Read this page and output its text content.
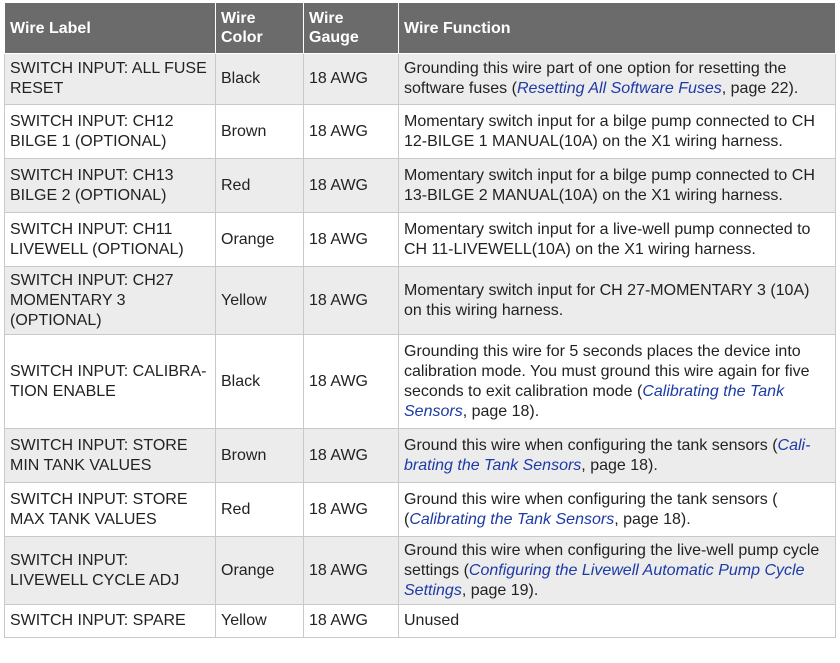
Wire Label	Wire Color	Wire Gauge	Wire Function
SWITCH INPUT: ALL FUSE RESET	Black	18 AWG	Grounding this wire part of one option for resetting the software fuses (Resetting All Software Fuses, page 22).
SWITCH INPUT: CH12 BILGE 1 (OPTIONAL)	Brown	18 AWG	Momentary switch input for a bilge pump connected to CH 12-BILGE 1 MANUAL(10A) on the X1 wiring harness.
SWITCH INPUT: CH13 BILGE 2 (OPTIONAL)	Red	18 AWG	Momentary switch input for a bilge pump connected to CH 13-BILGE 2 MANUAL(10A) on the X1 wiring harness.
SWITCH INPUT: CH11 LIVEWELL (OPTIONAL)	Orange	18 AWG	Momentary switch input for a live-well pump connected to CH 11-LIVEWELL(10A) on the X1 wiring harness.
SWITCH INPUT: CH27 MOMENTARY 3 (OPTIONAL)	Yellow	18 AWG	Momentary switch input for CH 27-MOMENTARY 3 (10A) on this wiring harness.
SWITCH INPUT: CALIBRA-TION ENABLE	Black	18 AWG	Grounding this wire for 5 seconds places the device into calibration mode. You must ground this wire again for five seconds to exit calibration mode (Calibrating the Tank Sensors, page 18).
SWITCH INPUT: STORE MIN TANK VALUES	Brown	18 AWG	Ground this wire when configuring the tank sensors (Cali-brating the Tank Sensors, page 18).
SWITCH INPUT: STORE MAX TANK VALUES	Red	18 AWG	Ground this wire when configuring the tank sensors ( (Calibrating the Tank Sensors, page 18).
SWITCH INPUT: LIVEWELL CYCLE ADJ	Orange	18 AWG	Ground this wire when configuring the live-well pump cycle settings (Configuring the Livewell Automatic Pump Cycle Settings, page 19).
SWITCH INPUT: SPARE	Yellow	18 AWG	Unused
